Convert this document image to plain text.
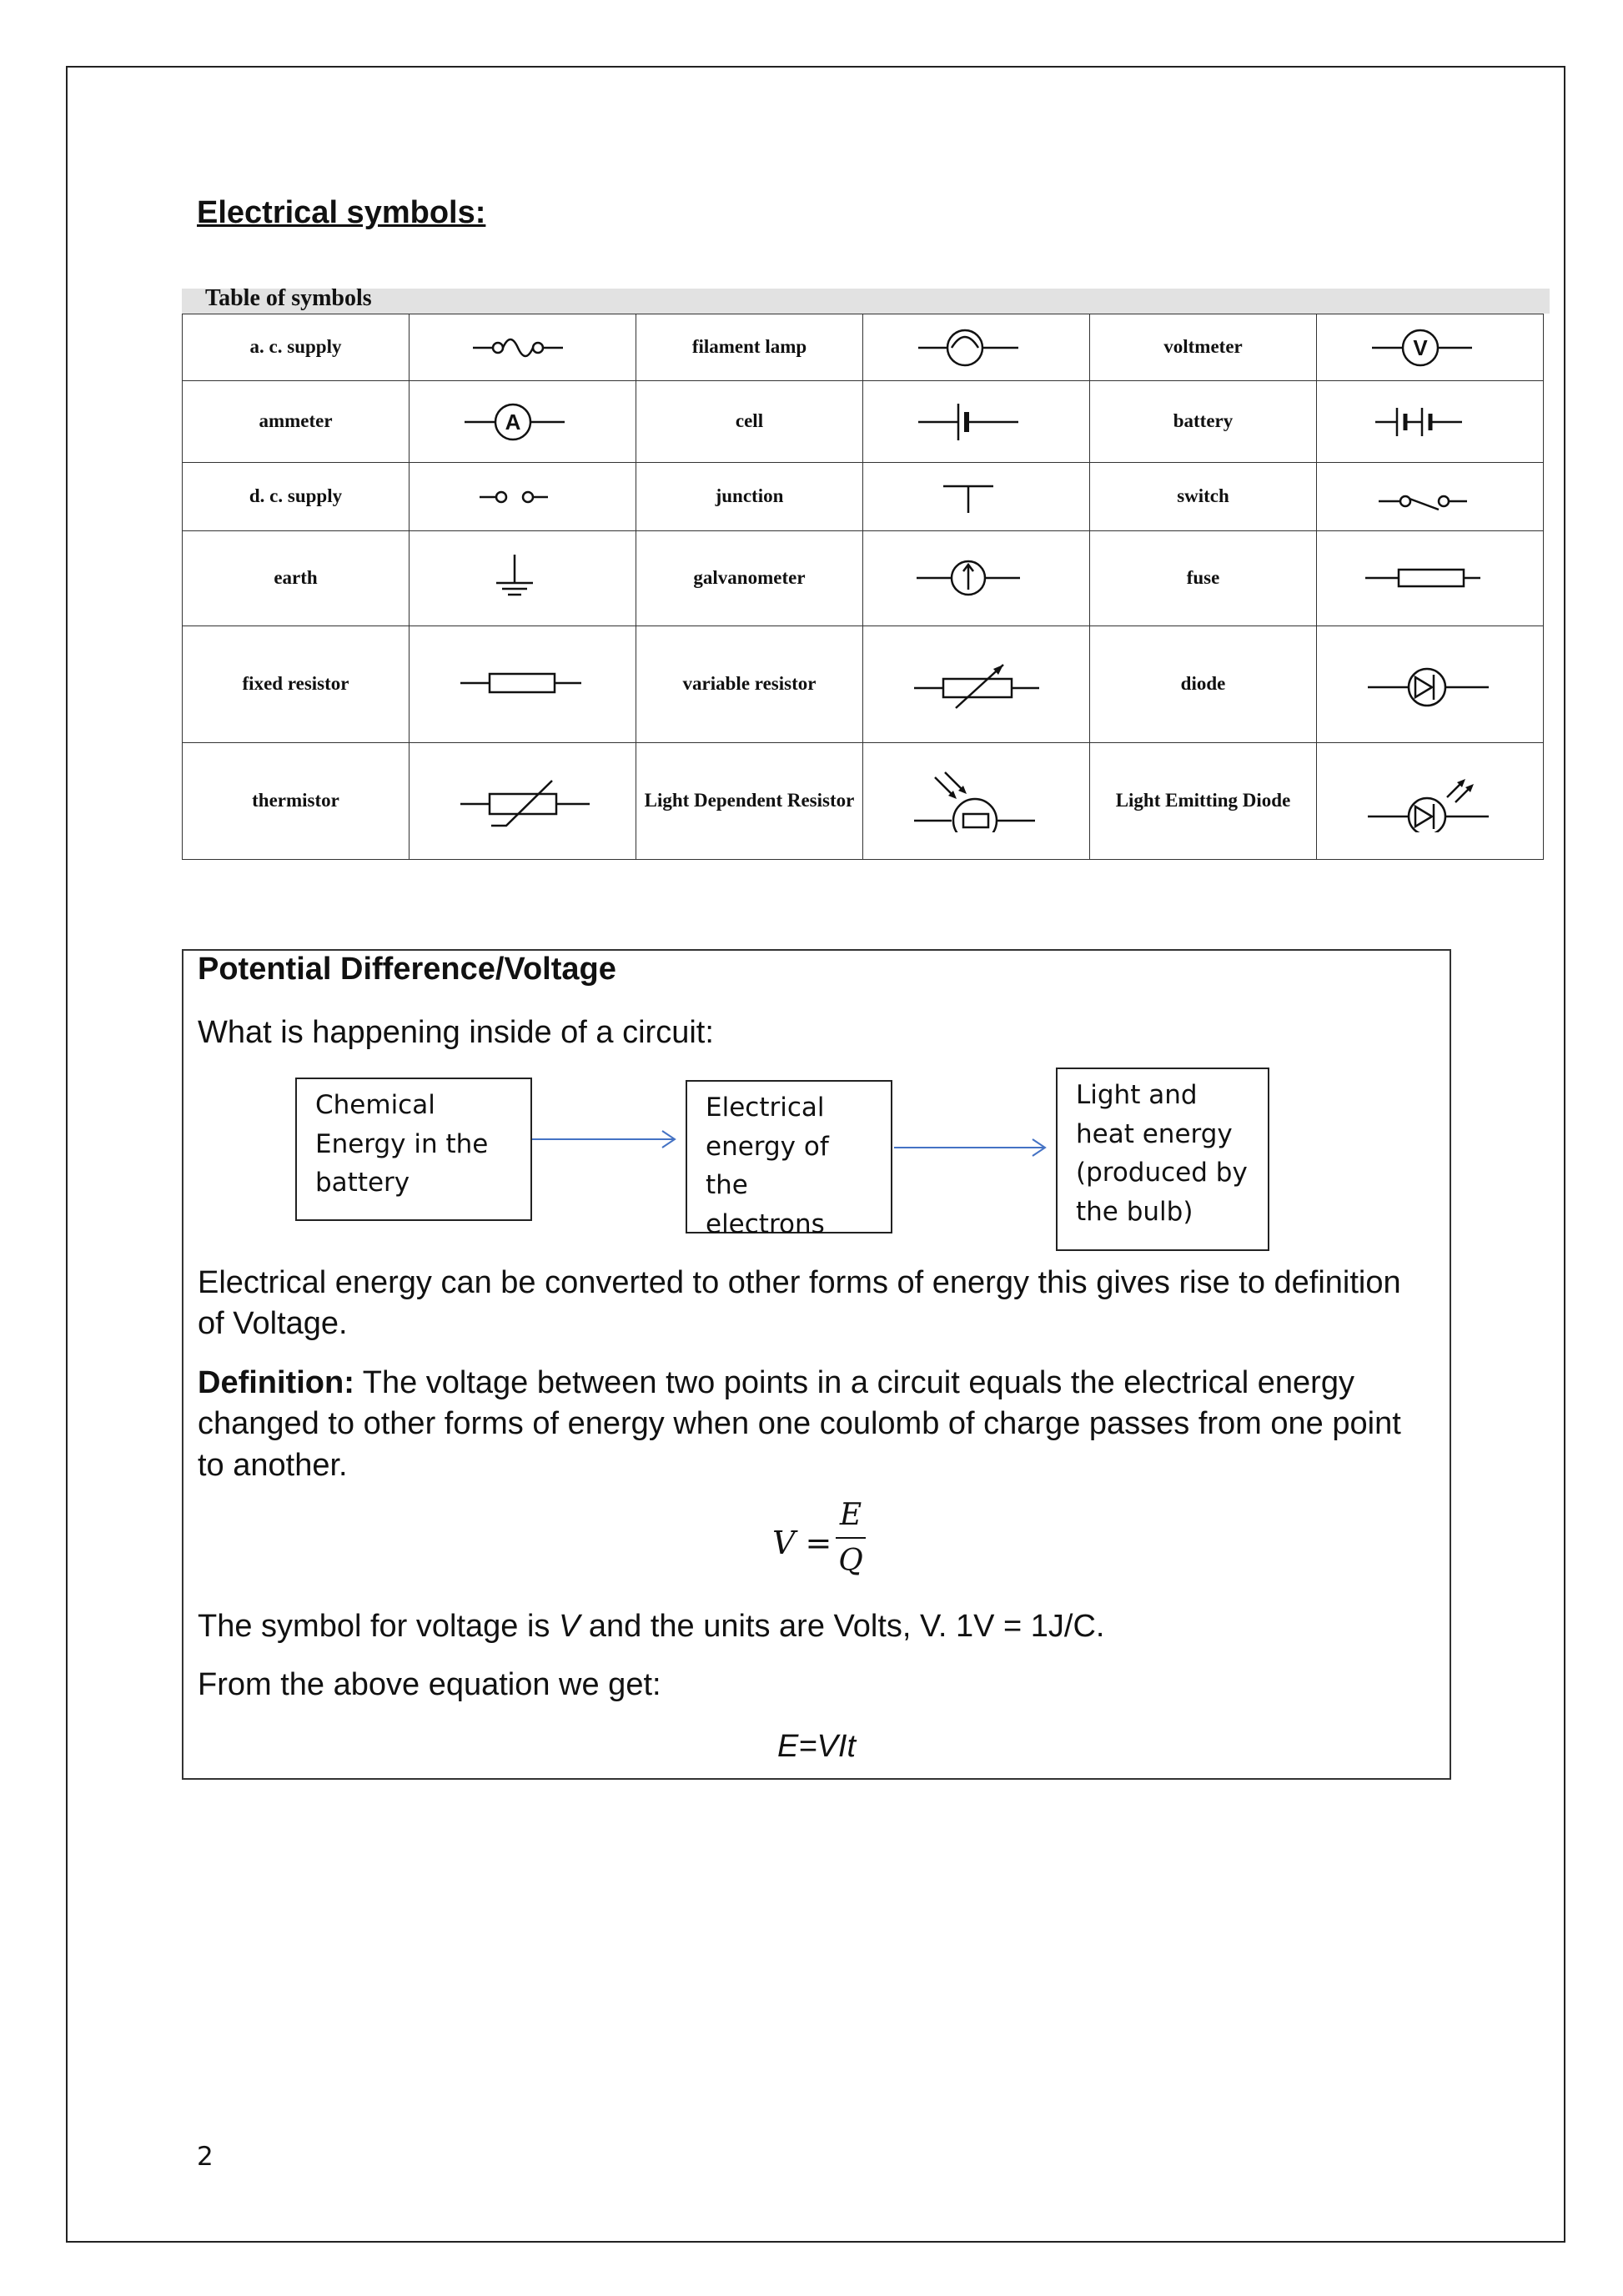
Electrical symbols:
Table of symbols
a. c. supply		filament lamp		voltmeter	V

ammeter	A	cell		battery	

d. c. supply		junction		switch	

earth		galvanometer		fuse	

fixed resistor		variable resistor		diode	

thermistor		Light Dependent Resistor		Light Emitting Diode	
Potential Difference/Voltage

What is happening inside of a circuit:

Chemical Energy in the battery
Electrical energy of the electrons
Light and heat energy (produced by the bulb)

Electrical energy can be converted to other forms of energy this gives rise to definition of Voltage.

Definition: The voltage between two points in a circuit equals the electrical energy changed to other forms of energy when one coulomb of charge passes from one point to another.

V =
E
Q

The symbol for voltage is V and the units are Volts, V. 1V = 1J/C.

From the above equation we get:

E=VIt

2
